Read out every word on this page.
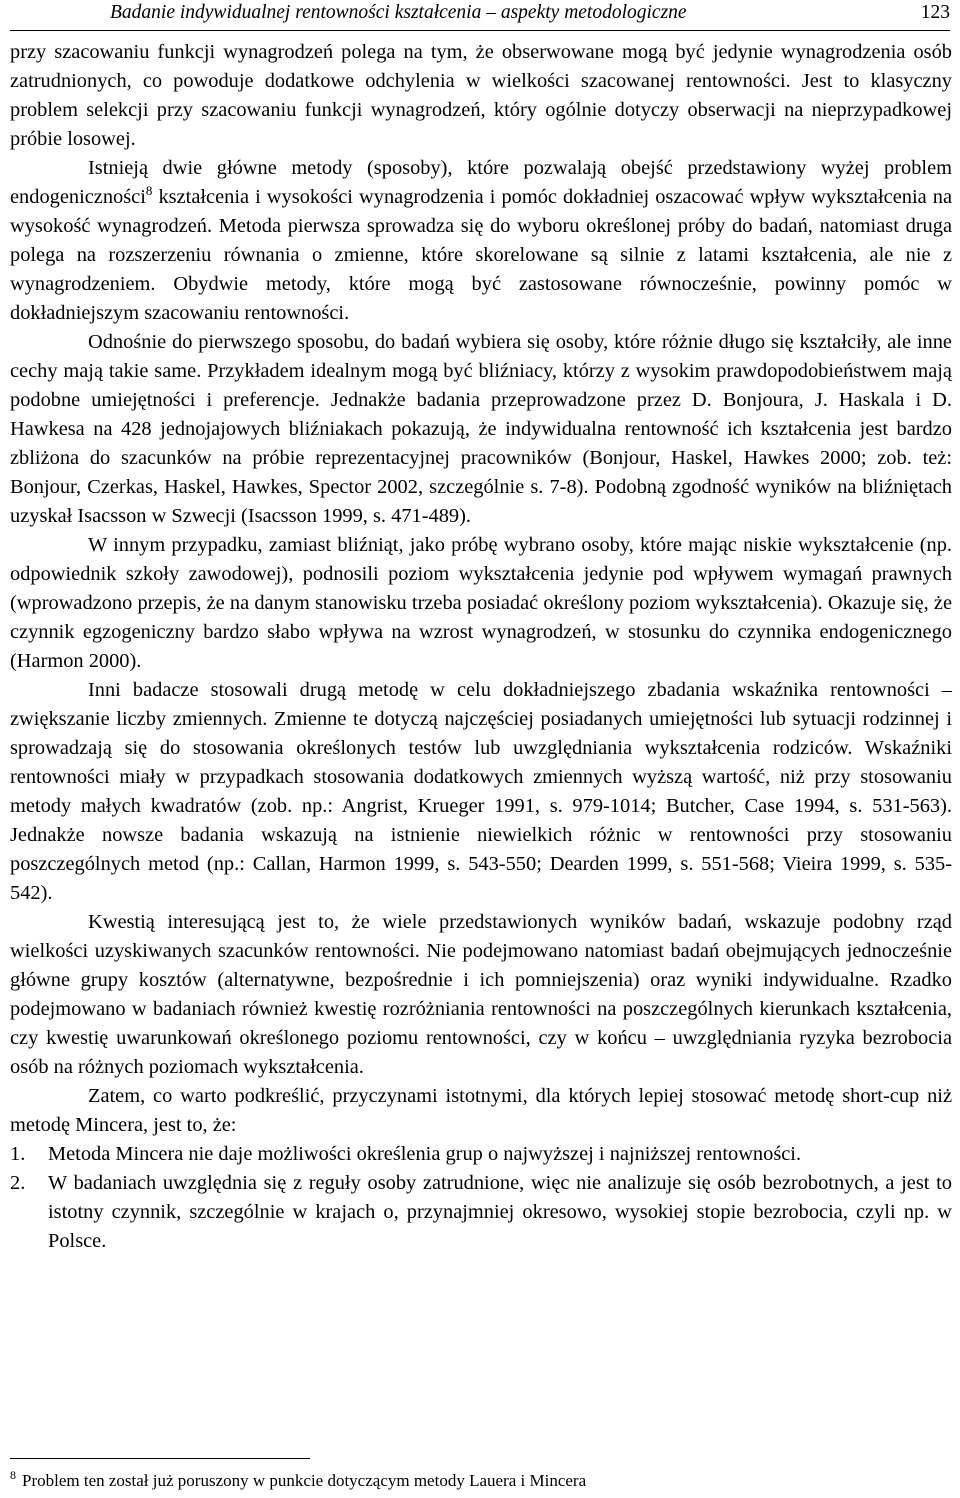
Badanie indywidualnej rentowności kształcenia – aspekty metodologiczne	123

przy szacowaniu funkcji wynagrodzeń polega na tym, że obserwowane mogą być jedynie wynagrodzenia osób zatrudnionych, co powoduje dodatkowe odchylenia w wielkości szacowanej rentowności. Jest to klasyczny problem selekcji przy szacowaniu funkcji wynagrodzeń, który ogólnie dotyczy obserwacji na nieprzypadkowej próbie losowej.

Istnieją dwie główne metody (sposoby), które pozwalają obejść przedstawiony wyżej problem endogeniczności$^8$ kształcenia i wysokości wynagrodzenia i pomóc dokładniej oszacować wpływ wykształcenia na wysokość wynagrodzeń. Metoda pierwsza sprowadza się do wyboru określonej próby do badań, natomiast druga polega na rozszerzeniu równania o zmienne, które skorelowane są silnie z latami kształcenia, ale nie z wynagrodzeniem. Obydwie metody, które mogą być zastosowane równocześnie, powinny pomóc w dokładniejszym szacowaniu rentowności.

Odnośnie do pierwszego sposobu, do badań wybiera się osoby, które różnie długo się kształciły, ale inne cechy mają takie same. Przykładem idealnym mogą być bliźniacy, którzy z wysokim prawdopodobieństwem mają podobne umiejętności i preferencje. Jednakże badania przeprowadzone przez D. Bonjoura, J. Haskala i D. Hawkesa na 428 jednojajowych bliźniakach pokazują, że indywidualna rentowność ich kształcenia jest bardzo zbliżona do szacunków na próbie reprezentacyjnej pracowników (Bonjour, Haskel, Hawkes 2000; zob. też: Bonjour, Czerkas, Haskel, Hawkes, Spector 2002, szczególnie s. 7-8). Podobną zgodność wyników na bliźniętach uzyskał Isacsson w Szwecji (Isacsson 1999, s. 471-489).

W innym przypadku, zamiast bliźniąt, jako próbę wybrano osoby, które mając niskie wykształcenie (np. odpowiednik szkoły zawodowej), podnosili poziom wykształcenia jedynie pod wpływem wymagań prawnych (wprowadzono przepis, że na danym stanowisku trzeba posiadać określony poziom wykształcenia). Okazuje się, że czynnik egzogeniczny bardzo słabo wpływa na wzrost wynagrodzeń, w stosunku do czynnika endogenicznego (Harmon 2000).

Inni badacze stosowali drugą metodę w celu dokładniejszego zbadania wskaźnika rentowności – zwiększanie liczby zmiennych. Zmienne te dotyczą najczęściej posiadanych umiejętności lub sytuacji rodzinnej i sprowadzają się do stosowania określonych testów lub uwzględniania wykształcenia rodziców. Wskaźniki rentowności miały w przypadkach stosowania dodatkowych zmiennych wyższą wartość, niż przy stosowaniu metody małych kwadratów (zob. np.: Angrist, Krueger 1991, s. 979-1014; Butcher, Case 1994, s. 531-563). Jednakże nowsze badania wskazują na istnienie niewielkich różnic w rentowności przy stosowaniu poszczególnych metod (np.: Callan, Harmon 1999, s. 543-550; Dearden 1999, s. 551-568; Vieira 1999, s. 535-542).

Kwestią interesującą jest to, że wiele przedstawionych wyników badań, wskazuje podobny rząd wielkości uzyskiwanych szacunków rentowności. Nie podejmowano natomiast badań obejmujących jednocześnie główne grupy kosztów (alternatywne, bezpośrednie i ich pomniejszenia) oraz wyniki indywidualne. Rzadko podejmowano w badaniach również kwestię rozróżniania rentowności na poszczególnych kierunkach kształcenia, czy kwestię uwarunkowań określonego poziomu rentowności, czy w końcu – uwzględniania ryzyka bezrobocia osób na różnych poziomach wykształcenia.

Zatem, co warto podkreślić, przyczynami istotnymi, dla których lepiej stosować metodę short-cup niż metodę Mincera, jest to, że:

1. Metoda Mincera nie daje możliwości określenia grup o najwyższej i najniższej rentowności.
2. W badaniach uwzględnia się z reguły osoby zatrudnione, więc nie analizuje się osób bezrobotnych, a jest to istotny czynnik, szczególnie w krajach o, przynajmniej okresowo, wysokiej stopie bezrobocia, czyli np. w Polsce.
$^8$ Problem ten został już poruszony w punkcie dotyczącym metody Lauera i Mincera
